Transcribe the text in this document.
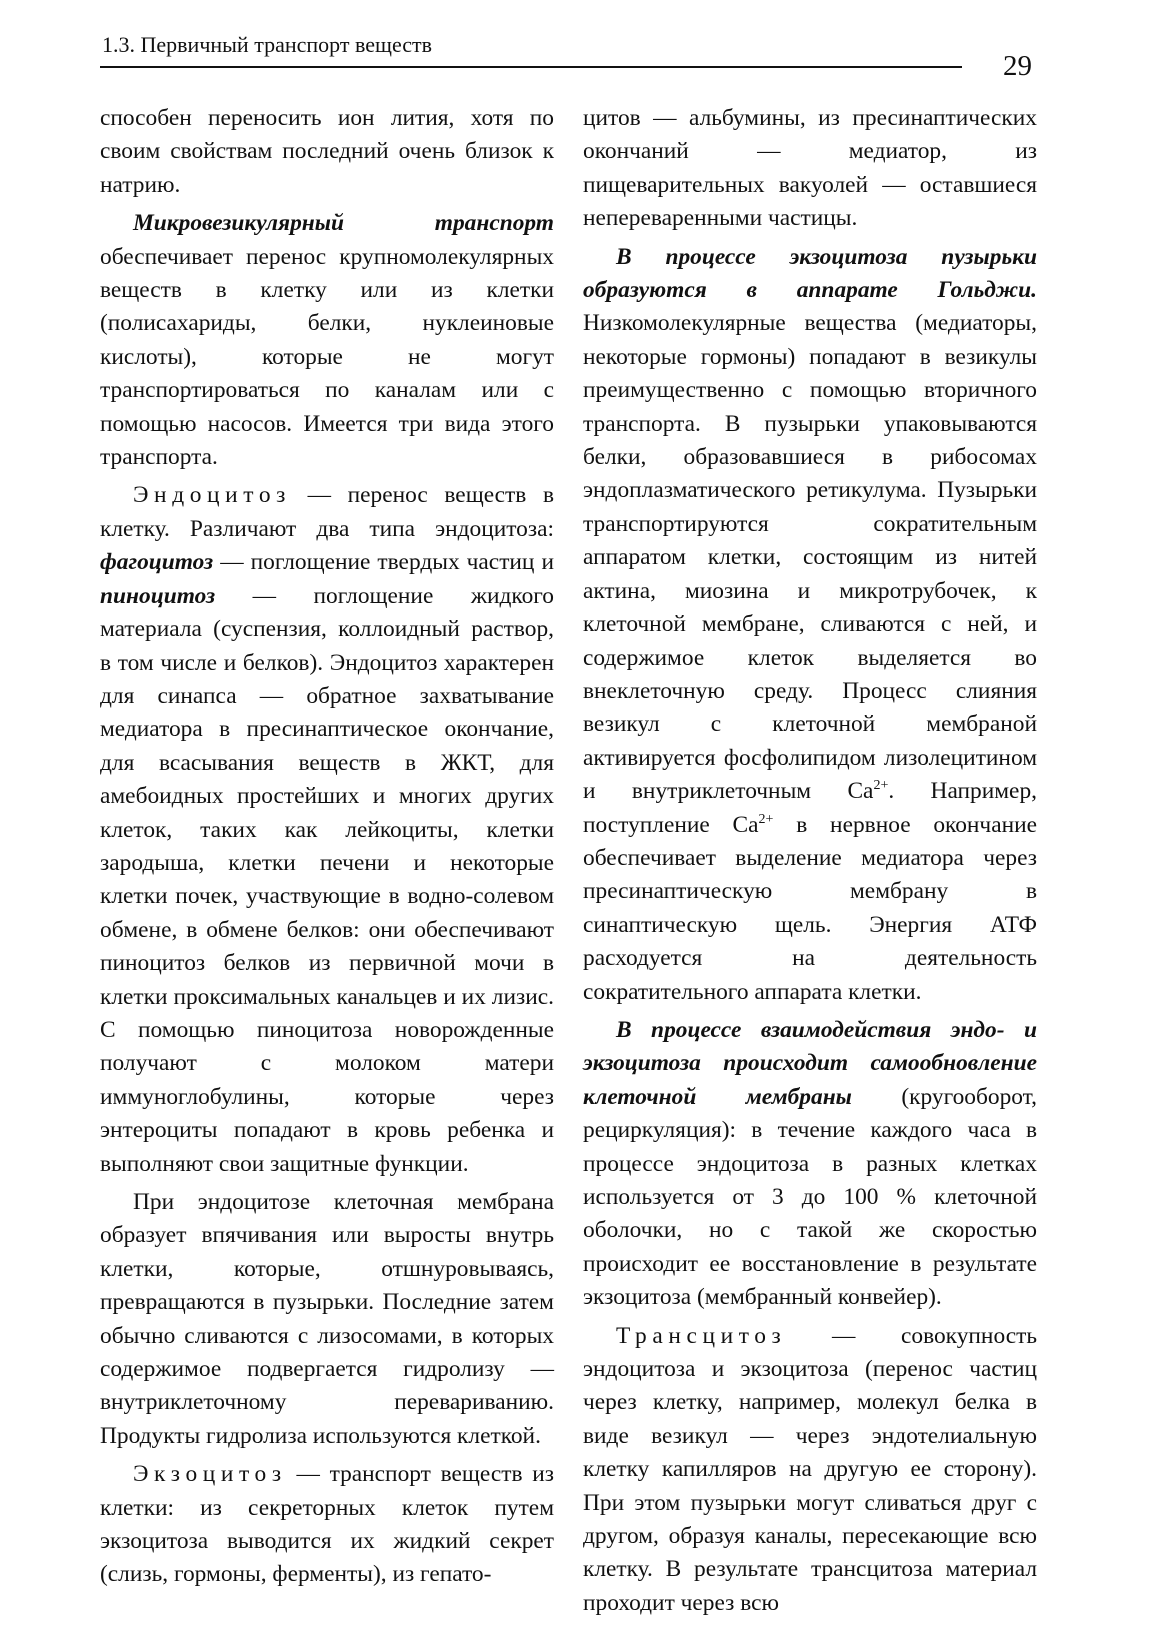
1.3. Первичный транспорт веществ
29

способен переносить ион лития, хотя по своим свойствам последний очень близок к натрию.

Микровезикулярный транспорт обеспечивает перенос крупномолекулярных веществ в клетку или из клетки (полисахариды, белки, нуклеиновые кислоты), которые не могут транспортироваться по каналам или с помощью насосов. Имеется три вида этого транспорта.

Эндоцитоз — перенос веществ в клетку. Различают два типа эндоцитоза: фагоцитоз — поглощение твердых частиц и пиноцитоз — поглощение жидкого материала (суспензия, коллоидный раствор, в том числе и белков). Эндоцитоз характерен для синапса — обратное захватывание медиатора в пресинаптическое окончание, для всасывания веществ в ЖКТ, для амебоидных простейших и многих других клеток, таких как лейкоциты, клетки зародыша, клетки печени и некоторые клетки почек, участвующие в водно-солевом обмене, в обмене белков: они обеспечивают пиноцитоз белков из первичной мочи в клетки проксимальных канальцев и их лизис. С помощью пиноцитоза новорожденные получают с молоком матери иммуноглобулины, которые через энтероциты попадают в кровь ребенка и выполняют свои защитные функции.

При эндоцитозе клеточная мембрана образует впячивания или выросты внутрь клетки, которые, отшнуровываясь, превращаются в пузырьки. Последние затем обычно сливаются с лизосомами, в которых содержимое подвергается гидролизу — внутриклеточному перевариванию. Продукты гидролиза используются клеткой.

Экзоцитоз — транспорт веществ из клетки: из секреторных клеток путем экзоцитоза выводится их жидкий секрет (слизь, гормоны, ферменты), из гепато-

цитов — альбумины, из пресинаптических окончаний — медиатор, из пищеварительных вакуолей — оставшиеся непереваренными частицы.

В процессе экзоцитоза пузырьки образуются в аппарате Гольджи. Низкомолекулярные вещества (медиаторы, некоторые гормоны) попадают в везикулы преимущественно с помощью вторичного транспорта. В пузырьки упаковываются белки, образовавшиеся в рибосомах эндоплазматического ретикулума. Пузырьки транспортируются сократительным аппаратом клетки, состоящим из нитей актина, миозина и микротрубочек, к клеточной мембране, сливаются с ней, и содержимое клеток выделяется во внеклеточную среду. Процесс слияния везикул с клеточной мембраной активируется фосфолипидом лизолецитином и внутриклеточным $Ca^{2+}$. Например, поступление $Ca^{2+}$ в нервное окончание обеспечивает выделение медиатора через пресинаптическую мембрану в синаптическую щель. Энергия АТФ расходуется на деятельность сократительного аппарата клетки.

В процессе взаимодействия эндо- и экзоцитоза происходит самообновление клеточной мембраны (кругооборот, рециркуляция): в течение каждого часа в процессе эндоцитоза в разных клетках используется от 3 до 100 % клеточной оболочки, но с такой же скоростью происходит ее восстановление в результате экзоцитоза (мембранный конвейер).

Трансцитоз — совокупность эндоцитоза и экзоцитоза (перенос частиц через клетку, например, молекул белка в виде везикул — через эндотелиальную клетку капилляров на другую ее сторону). При этом пузырьки могут сливаться друг с другом, образуя каналы, пересекающие всю клетку. В результате трансцитоза материал проходит через всю
